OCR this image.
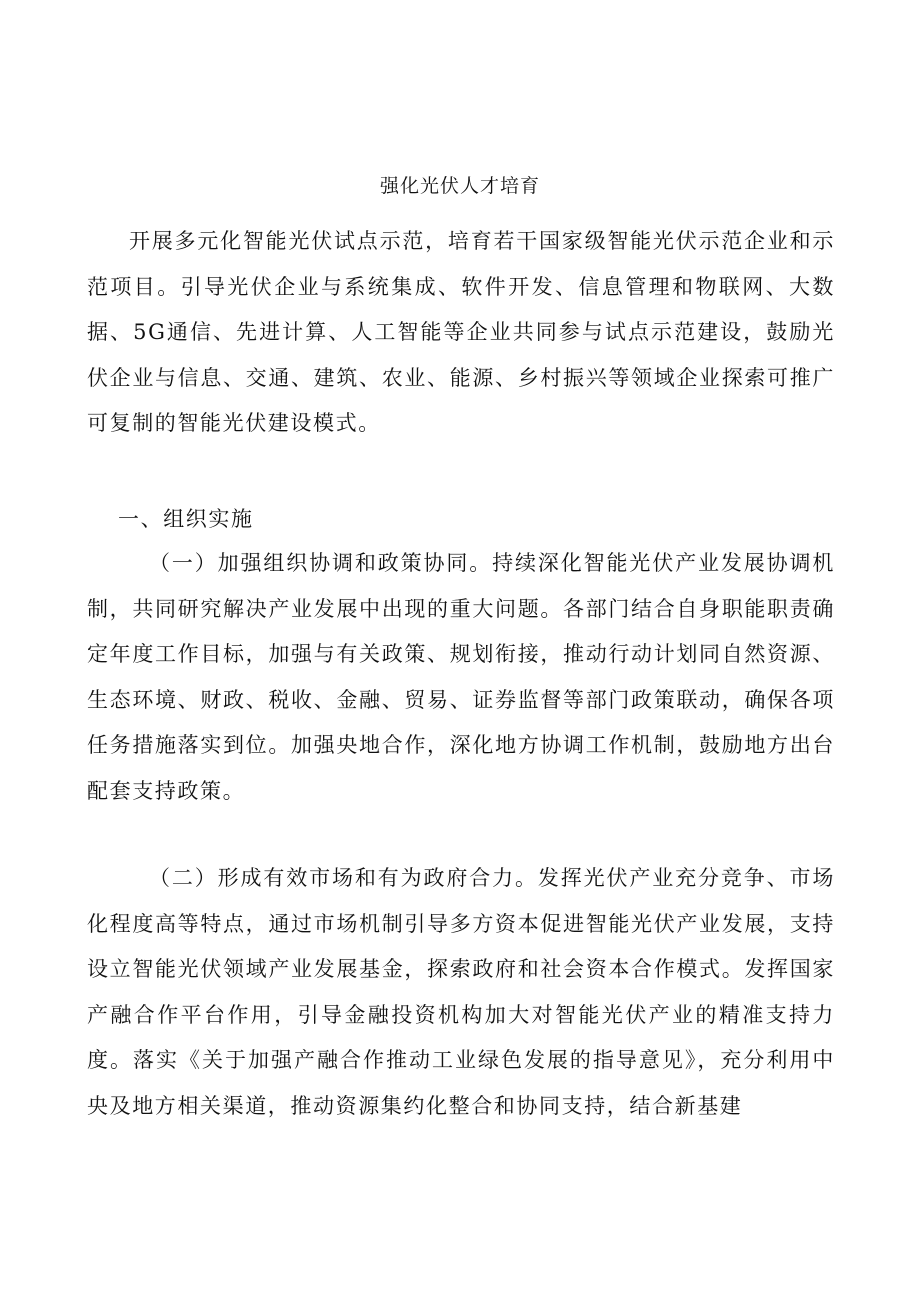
强化光伏人才培育

开展多元化智能光伏试点示范，培育若干国家级智能光伏示范企业和示范项目。引导光伏企业与系统集成、软件开发、信息管理和物联网、大数据、5G通信、先进计算、人工智能等企业共同参与试点示范建设，鼓励光伏企业与信息、交通、建筑、农业、能源、乡村振兴等领域企业探索可推广可复制的智能光伏建设模式。

一、组织实施

（一）加强组织协调和政策协同。持续深化智能光伏产业发展协调机制，共同研究解决产业发展中出现的重大问题。各部门结合自身职能职责确定年度工作目标，加强与有关政策、规划衔接，推动行动计划同自然资源、生态环境、财政、税收、金融、贸易、证券监督等部门政策联动，确保各项任务措施落实到位。加强央地合作，深化地方协调工作机制，鼓励地方出台配套支持政策。

（二）形成有效市场和有为政府合力。发挥光伏产业充分竞争、市场化程度高等特点，通过市场机制引导多方资本促进智能光伏产业发展，支持设立智能光伏领域产业发展基金，探索政府和社会资本合作模式。发挥国家产融合作平台作用，引导金融投资机构加大对智能光伏产业的精准支持力度。落实《关于加强产融合作推动工业绿色发展的指导意见》，充分利用中央及地方相关渠道，推动资源集约化整合和协同支持，结合新基建
